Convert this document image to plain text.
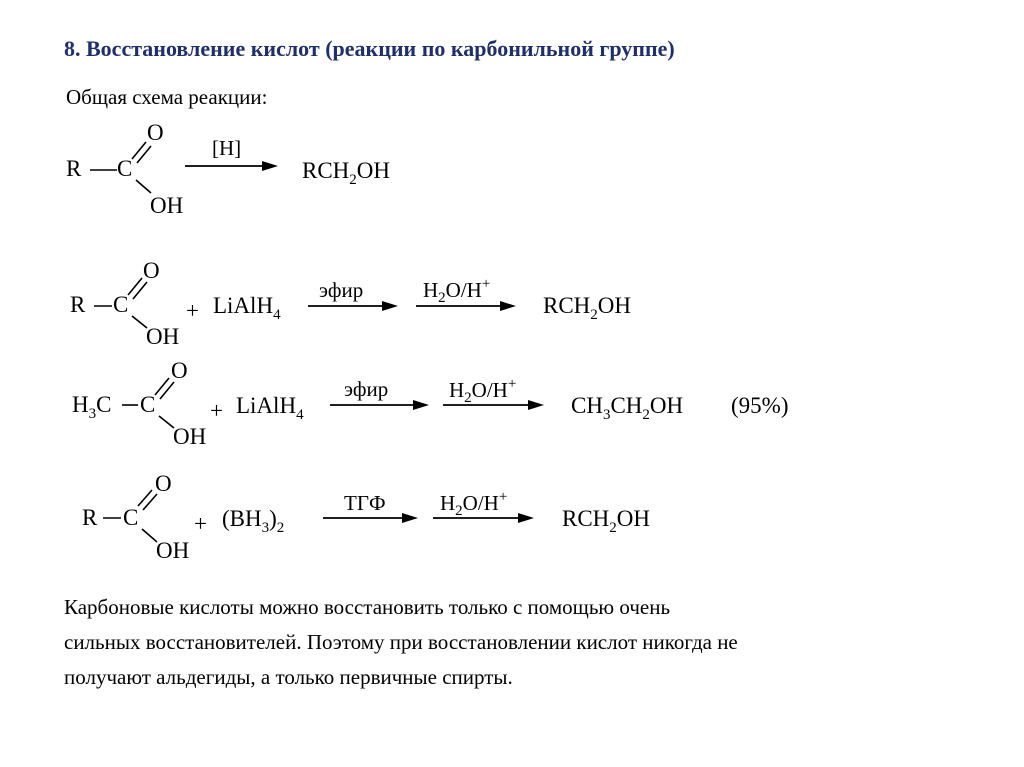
8. Восстановление кислот (реакции по карбонильной группе)
Общая схема реакции:
R C
O
OH
[H]
$RCH_2OH$
R C
O
OH
+ LiAlH$_4$
эфир	$H_2O/H^+$
$RCH_2OH$
$H_3C$ C
O
OH
+ LiAlH$_4$
эфир	$H_2O/H^+$
$CH_3CH_2OH$ (95%)
R C
O
OH
+ $(BH_3)_2$
ТГФ	$H_2O/H^+$
$RCH_2OH$
Карбоновые кислоты можно восстановить только с помощью очень
сильных восстановителей. Поэтому при восстановлении кислот никогда не
получают альдегиды, а только первичные спирты.
